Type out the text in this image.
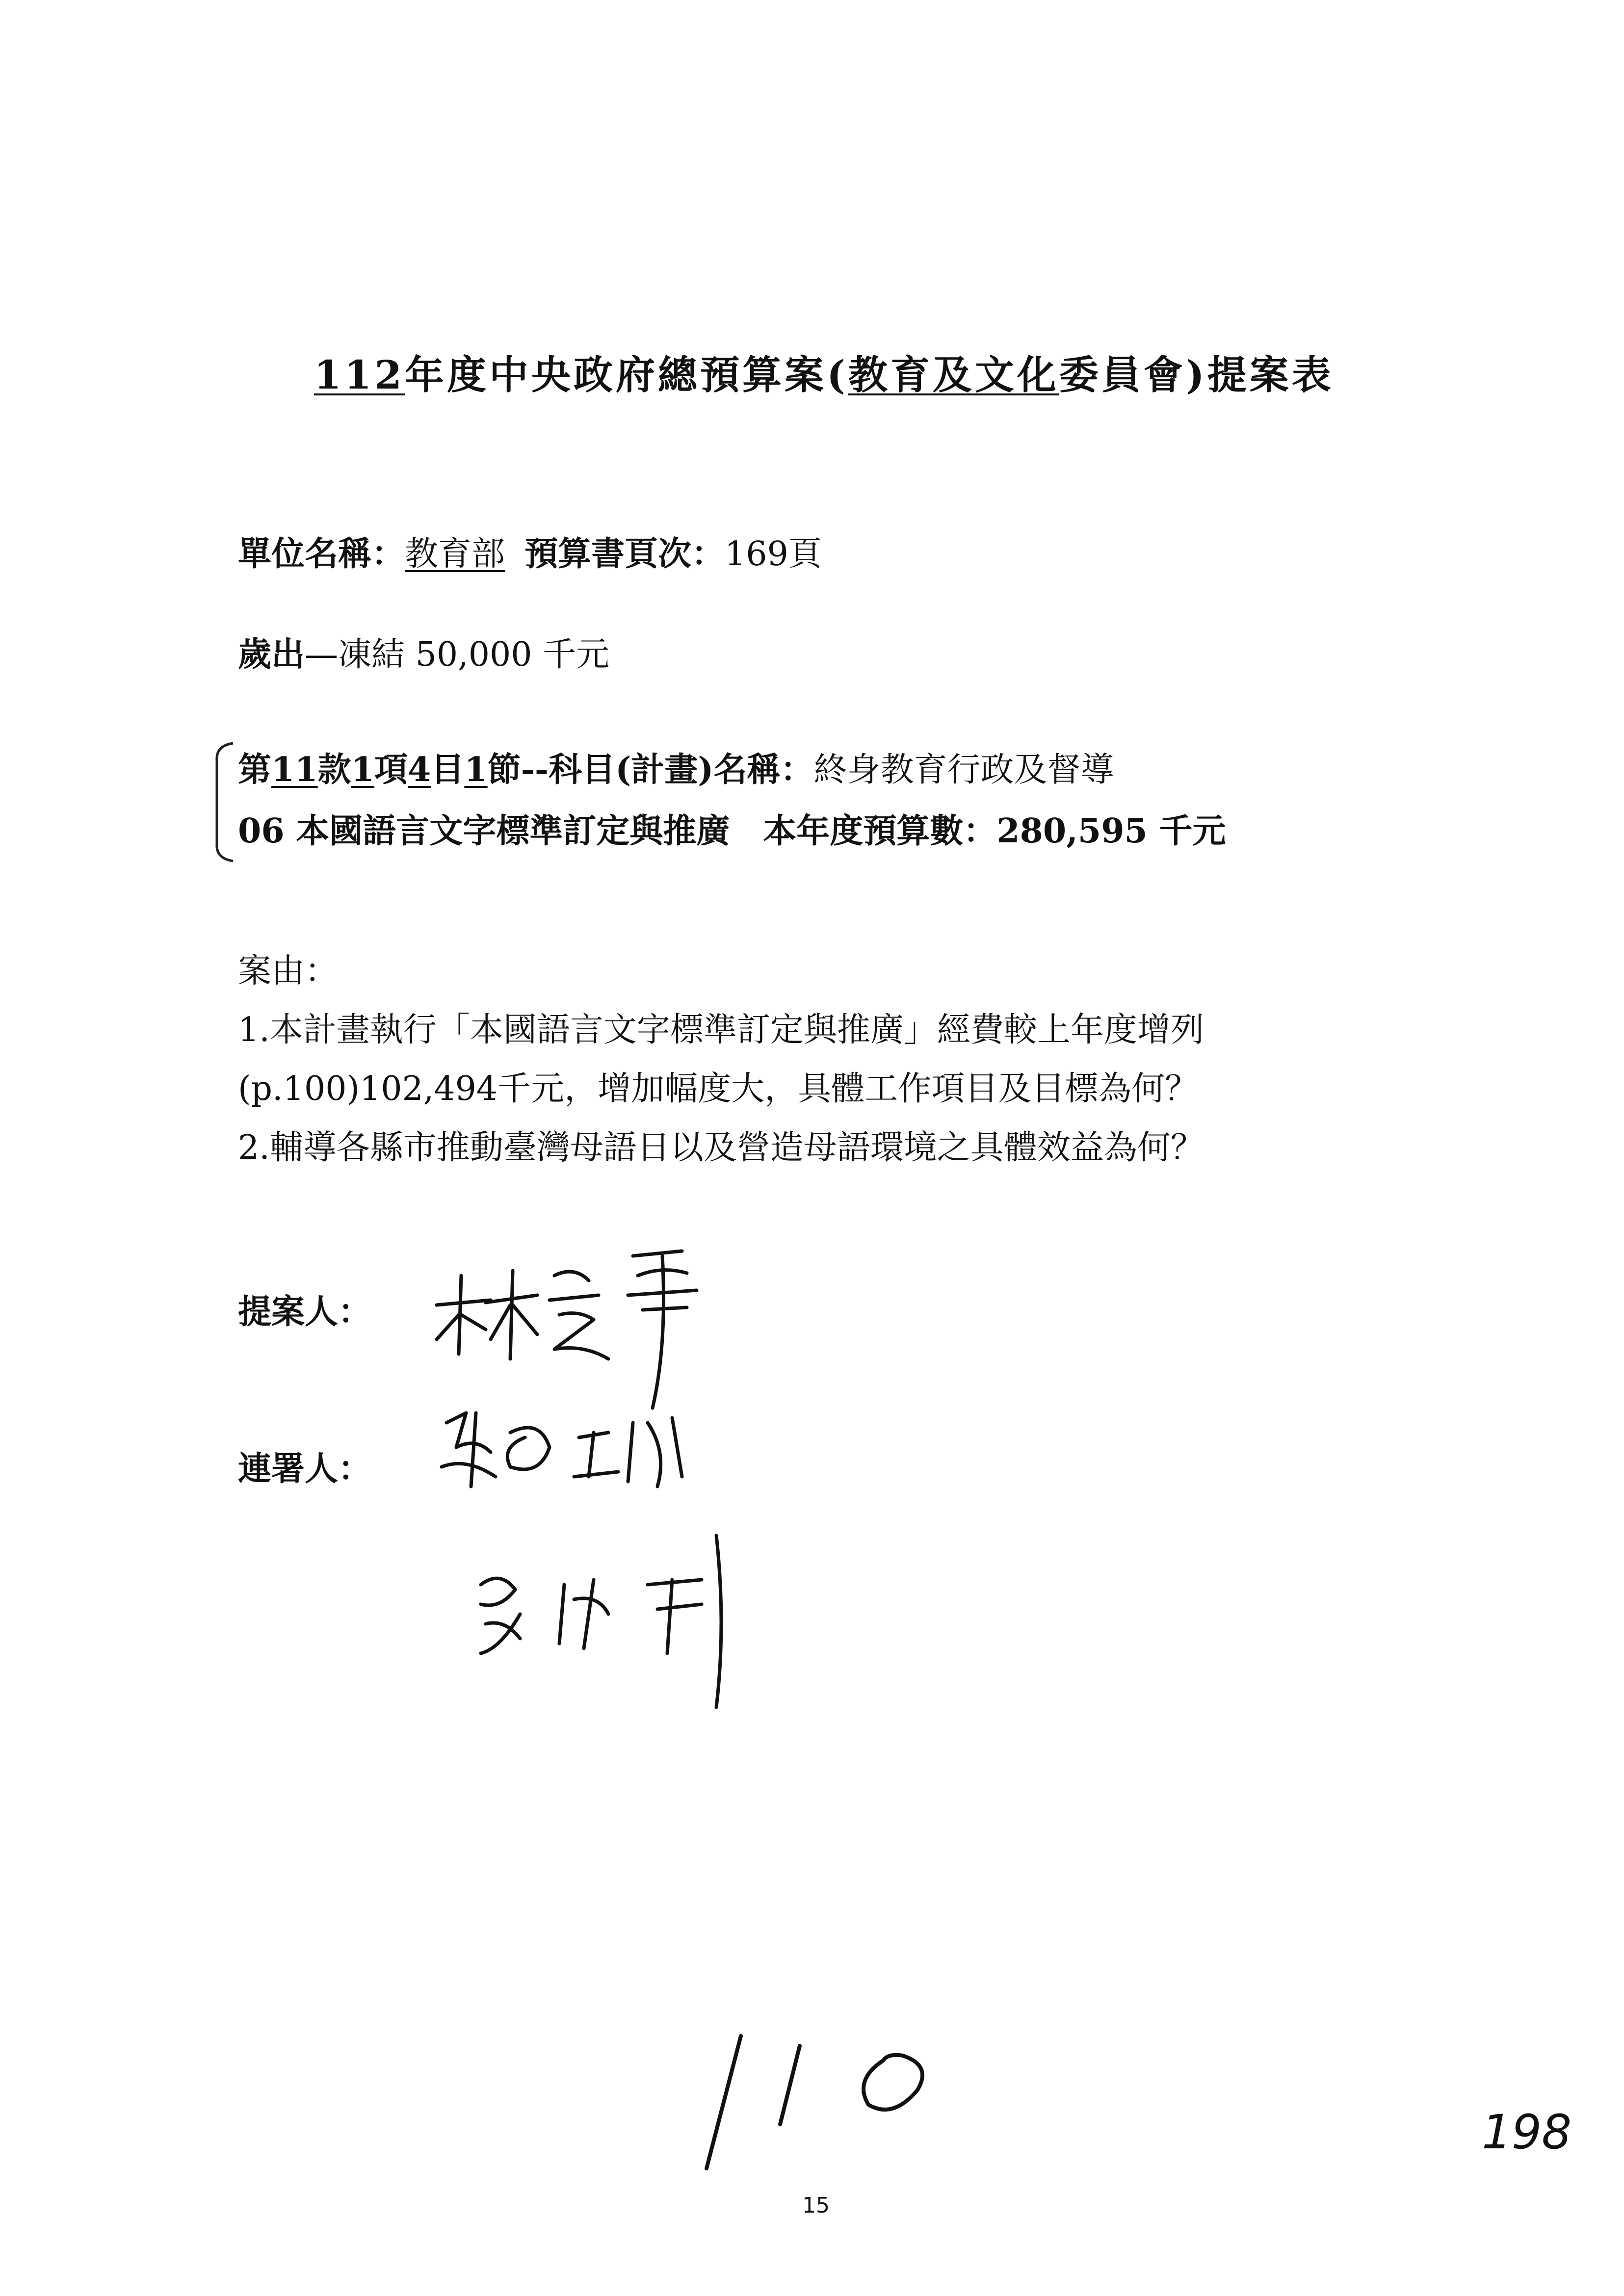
112年度中央政府總預算案(教育及文化委員會)提案表
單位名稱：教育部 預算書頁次：169頁
歲出—凍結 50,000 千元
第11款1項4目1節--科目(計畫)名稱：終身教育行政及督導
06 本國語言文字標準訂定與推廣　本年度預算數：280,595 千元
案由：
1.本計畫執行「本國語言文字標準訂定與推廣」經費較上年度增列
(p.100)102,494千元，增加幅度大，具體工作項目及目標為何？
2.輔導各縣市推動臺灣母語日以及營造母語環境之具體效益為何？
提案人：
連署人：
198
15
